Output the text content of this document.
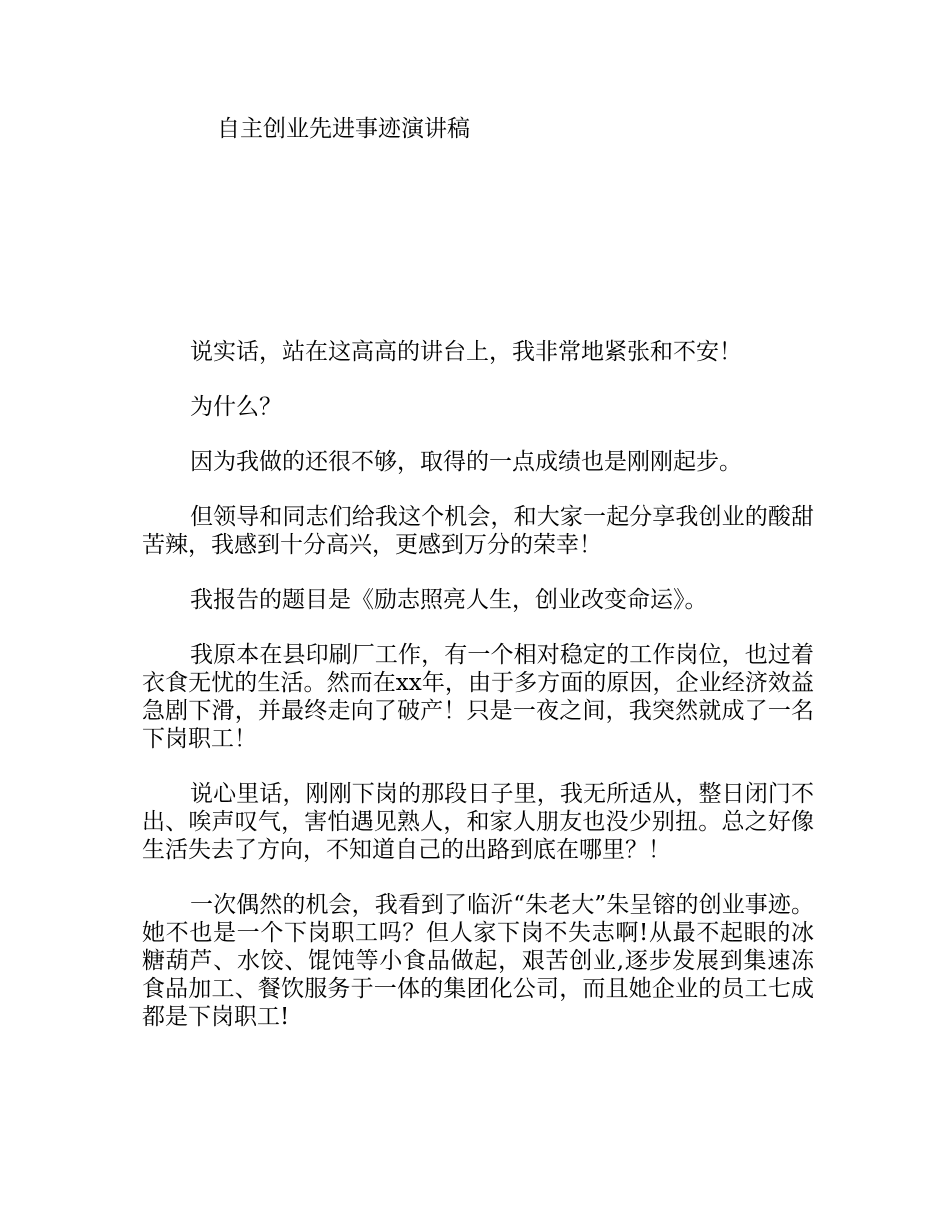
自主创业先进事迹演讲稿

说实话，站在这高高的讲台上，我非常地紧张和不安！

为什么？

因为我做的还很不够，取得的一点成绩也是刚刚起步。

但领导和同志们给我这个机会，和大家一起分享我创业的酸甜苦辣，我感到十分高兴，更感到万分的荣幸！

我报告的题目是《励志照亮人生，创业改变命运》。

我原本在县印刷厂工作，有一个相对稳定的工作岗位，也过着衣食无忧的生活。然而在xx年，由于多方面的原因，企业经济效益急剧下滑，并最终走向了破产！只是一夜之间，我突然就成了一名下岗职工！

说心里话，刚刚下岗的那段日子里，我无所适从，整日闭门不出、唉声叹气，害怕遇见熟人，和家人朋友也没少别扭。总之好像生活失去了方向，不知道自己的出路到底在哪里？！

一次偶然的机会，我看到了临沂“朱老大”朱呈镕的创业事迹。她不也是一个下岗职工吗？但人家下岗不失志啊!从最不起眼的冰糖葫芦、水饺、馄饨等小食品做起，艰苦创业,逐步发展到集速冻食品加工、餐饮服务于一体的集团化公司，而且她企业的员工七成都是下岗职工!
